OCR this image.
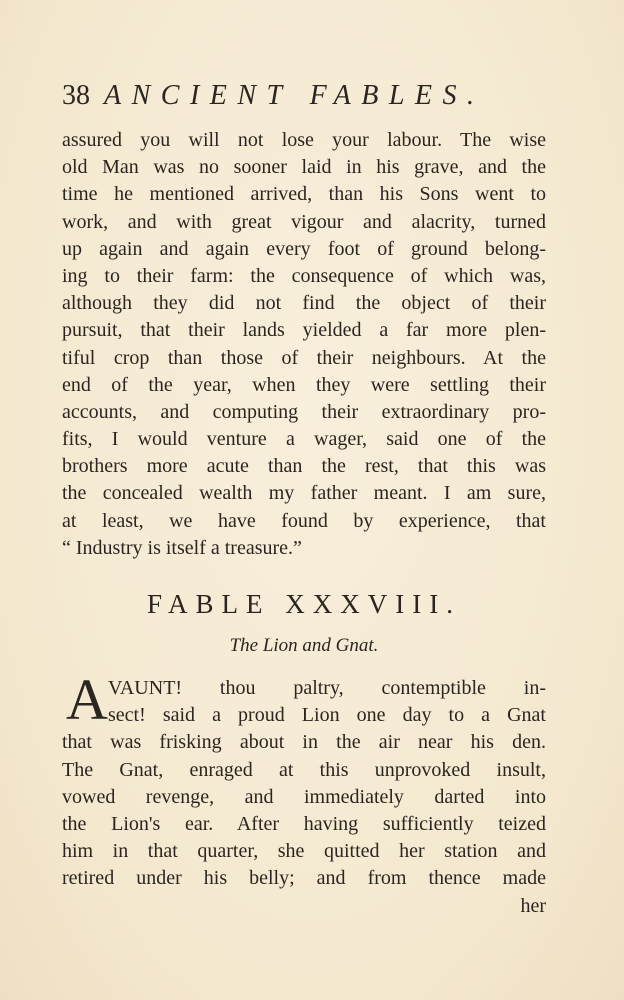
38 ANCIENT FABLES.
assured you will not lose your labour. The wise
old Man was no sooner laid in his grave, and the
time he mentioned arrived, than his Sons went to
work, and with great vigour and alacrity, turned
up again and again every foot of ground belong-
ing to their farm: the consequence of which was,
although they did not find the object of their
pursuit, that their lands yielded a far more plen-
tiful crop than those of their neighbours. At the
end of the year, when they were settling their
accounts, and computing their extraordinary pro-
fits, I would venture a wager, said one of the
brothers more acute than the rest, that this was
the concealed wealth my father meant. I am sure,
at least, we have found by experience, that
“ Industry is itself a treasure.”
FABLE XXXVIII.
The Lion and Gnat.
A VAUNT! thou paltry, contemptible in-
sect! said a proud Lion one day to a Gnat
that was frisking about in the air near his den.
The Gnat, enraged at this unprovoked insult,
vowed revenge, and immediately darted into
the Lion's ear. After having sufficiently teized
him in that quarter, she quitted her station and
retired under his belly; and from thence made
her
